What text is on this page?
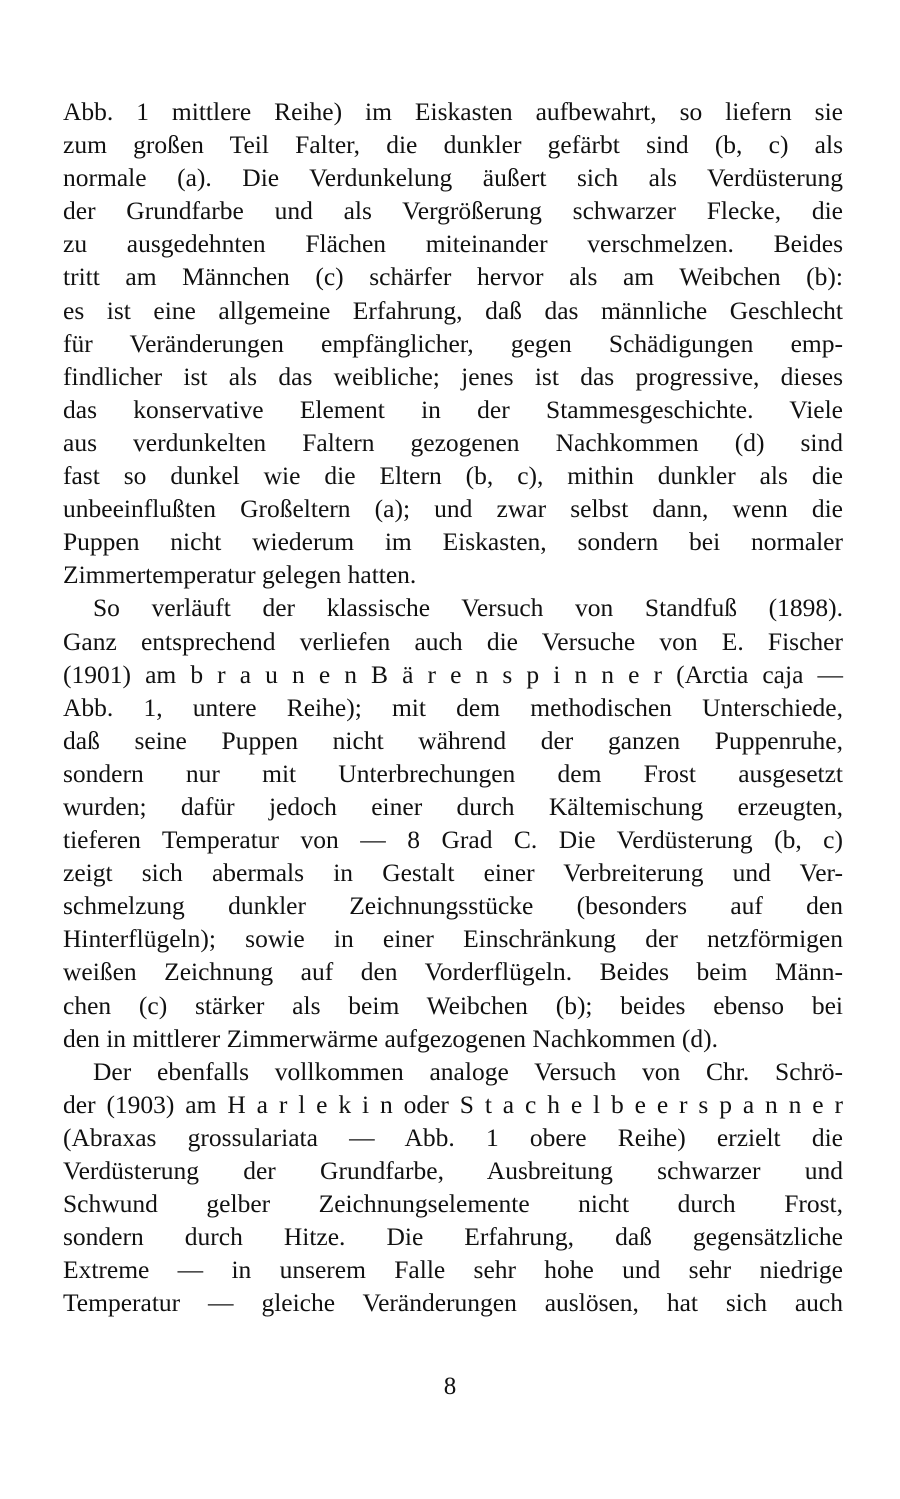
Abb. 1 mittlere Reihe) im Eiskasten aufbewahrt, so liefern sie
zum großen Teil Falter, die dunkler gefärbt sind (b, c) als
normale (a). Die Verdunkelung äußert sich als Verdüsterung
der Grundfarbe und als Vergrößerung schwarzer Flecke, die
zu ausgedehnten Flächen miteinander verschmelzen. Beides
tritt am Männchen (c) schärfer hervor als am Weibchen (b):
es ist eine allgemeine Erfahrung, daß das männliche Geschlecht
für Veränderungen empfänglicher, gegen Schädigungen emp-
findlicher ist als das weibliche; jenes ist das progressive, dieses
das konservative Element in der Stammesgeschichte. Viele
aus verdunkelten Faltern gezogenen Nachkommen (d) sind
fast so dunkel wie die Eltern (b, c), mithin dunkler als die
unbeeinflußten Großeltern (a); und zwar selbst dann, wenn die
Puppen nicht wiederum im Eiskasten, sondern bei normaler
Zimmertemperatur gelegen hatten.
So verläuft der klassische Versuch von Standfuß (1898).
Ganz entsprechend verliefen auch die Versuche von E. Fischer
(1901) am b r a u n e n B ä r e n s p i n n e r (Arctia caja —
Abb. 1, untere Reihe); mit dem methodischen Unterschiede,
daß seine Puppen nicht während der ganzen Puppenruhe,
sondern nur mit Unterbrechungen dem Frost ausgesetzt
wurden; dafür jedoch einer durch Kältemischung erzeugten,
tieferen Temperatur von — 8 Grad C. Die Verdüsterung (b, c)
zeigt sich abermals in Gestalt einer Verbreiterung und Ver-
schmelzung dunkler Zeichnungsstücke (besonders auf den
Hinterflügeln); sowie in einer Einschränkung der netzförmigen
weißen Zeichnung auf den Vorderflügeln. Beides beim Männ-
chen (c) stärker als beim Weibchen (b); beides ebenso bei
den in mittlerer Zimmerwärme aufgezogenen Nachkommen (d).
Der ebenfalls vollkommen analoge Versuch von Chr. Schrö-
der (1903) am H a r l e k i n oder S t a c h e l b e e r s p a n n e r
(Abraxas grossulariata — Abb. 1 obere Reihe) erzielt die
Verdüsterung der Grundfarbe, Ausbreitung schwarzer und
Schwund gelber Zeichnungselemente nicht durch Frost,
sondern durch Hitze. Die Erfahrung, daß gegensätzliche
Extreme — in unserem Falle sehr hohe und sehr niedrige
Temperatur — gleiche Veränderungen auslösen, hat sich auch
8
